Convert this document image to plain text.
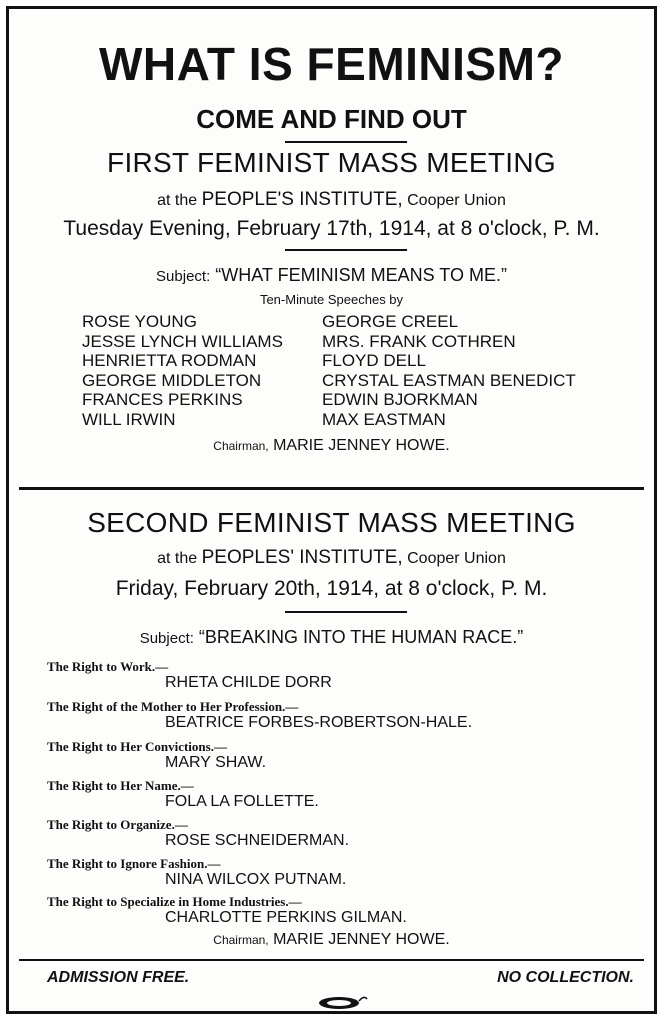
WHAT IS FEMINISM?
COME AND FIND OUT
FIRST FEMINIST MASS MEETING
at the PEOPLE'S INSTITUTE, Cooper Union
Tuesday Evening, February 17th, 1914, at 8 o'clock, P. M.
Subject: “WHAT FEMINISM MEANS TO ME.”
Ten-Minute Speeches by
ROSE YOUNG
JESSE LYNCH WILLIAMS
HENRIETTA RODMAN
GEORGE MIDDLETON
FRANCES PERKINS
WILL IRWIN
GEORGE CREEL
MRS. FRANK COTHREN
FLOYD DELL
CRYSTAL EASTMAN BENEDICT
EDWIN BJORKMAN
MAX EASTMAN
Chairman, MARIE JENNEY HOWE.
SECOND FEMINIST MASS MEETING
at the PEOPLES' INSTITUTE, Cooper Union
Friday, February 20th, 1914, at 8 o'clock, P. M.
Subject: “BREAKING INTO THE HUMAN RACE.”
The Right to Work.—
RHETA CHILDE DORR
The Right of the Mother to Her Profession.—
BEATRICE FORBES-ROBERTSON-HALE.
The Right to Her Convictions.—
MARY SHAW.
The Right to Her Name.—
FOLA LA FOLLETTE.
The Right to Organize.—
ROSE SCHNEIDERMAN.
The Right to Ignore Fashion.—
NINA WILCOX PUTNAM.
The Right to Specialize in Home Industries.—
CHARLOTTE PERKINS GILMAN.
Chairman, MARIE JENNEY HOWE.
ADMISSION FREE.	NO COLLECTION.
